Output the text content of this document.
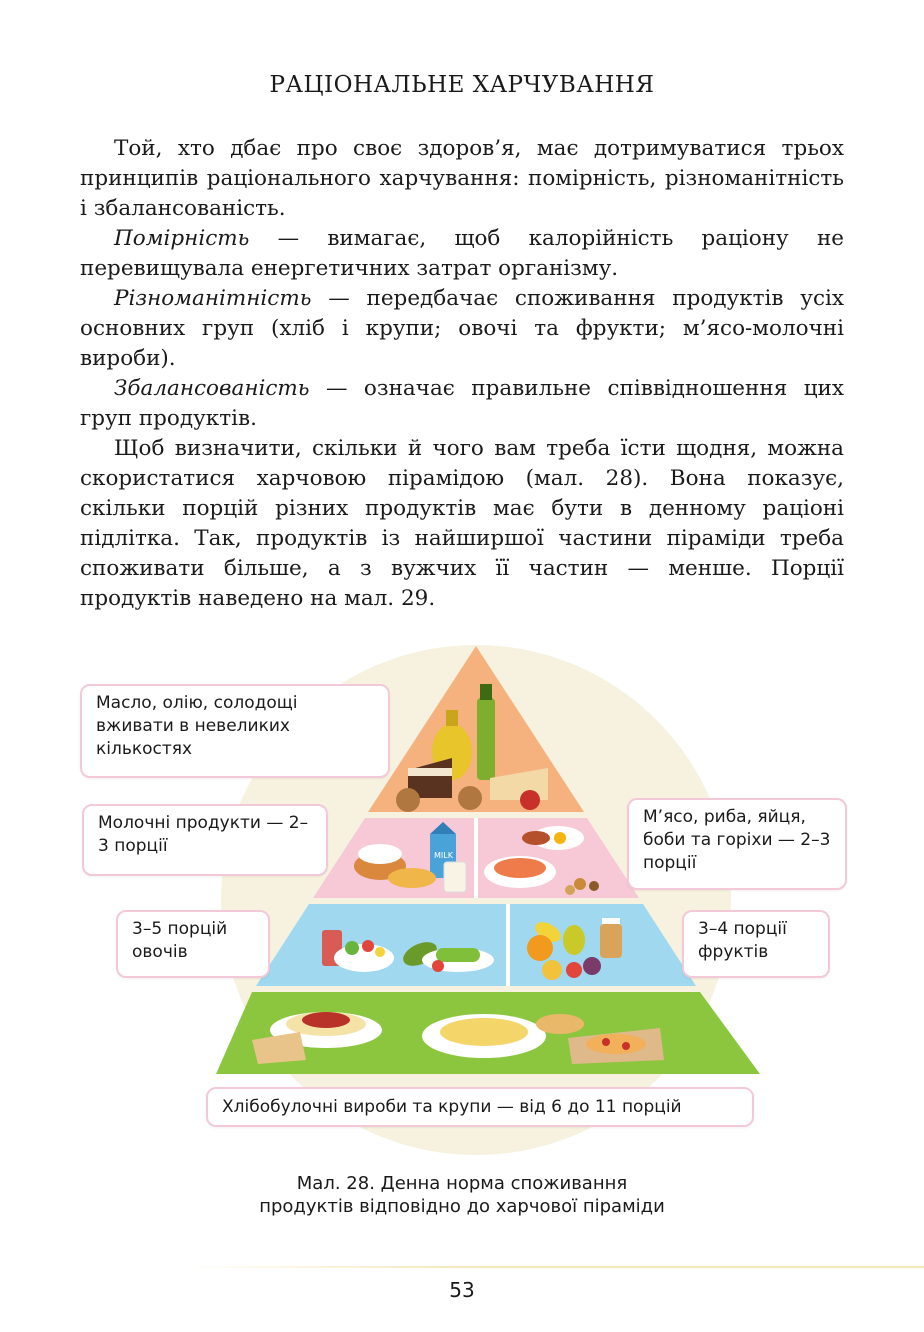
РАЦІОНАЛЬНЕ ХАРЧУВАННЯ

Той, хто дбає про своє здоров’я, має дотримуватися трьох принципів раціонального харчування: помірність, різноманітність і збалансованість.

Помірність — вимагає, щоб калорійність раціону не перевищувала енергетичних затрат організму.

Різноманітність — передбачає споживання продуктів усіх основних груп (хліб і крупи; овочі та фрукти; м’ясо-молочні вироби).

Збалансованість — означає правильне співвідношення цих груп продуктів.

Щоб визначити, скільки й чого вам треба їсти щодня, можна скористатися харчовою пірамідою (мал. 28). Вона показує, скільки порцій різних продуктів має бути в денному раціоні підлітка. Так, продуктів із найширшої частини піраміди треба споживати більше, а з вужчих її частин — менше. Порції продуктів наведено на мал. 29.

MILK
Масло, олію, солодощі вживати в невеликих кількостях
Молочні продукти — 2–3 порції
М’ясо, риба, яйця, боби та горіхи — 2–3 порції
3–5 порцій овочів
3–4 порції фруктів
Хлібобулочні вироби та крупи — від 6 до 11 порцій
Мал. 28. Денна норма споживання
продуктів відповідно до харчової піраміди
53
